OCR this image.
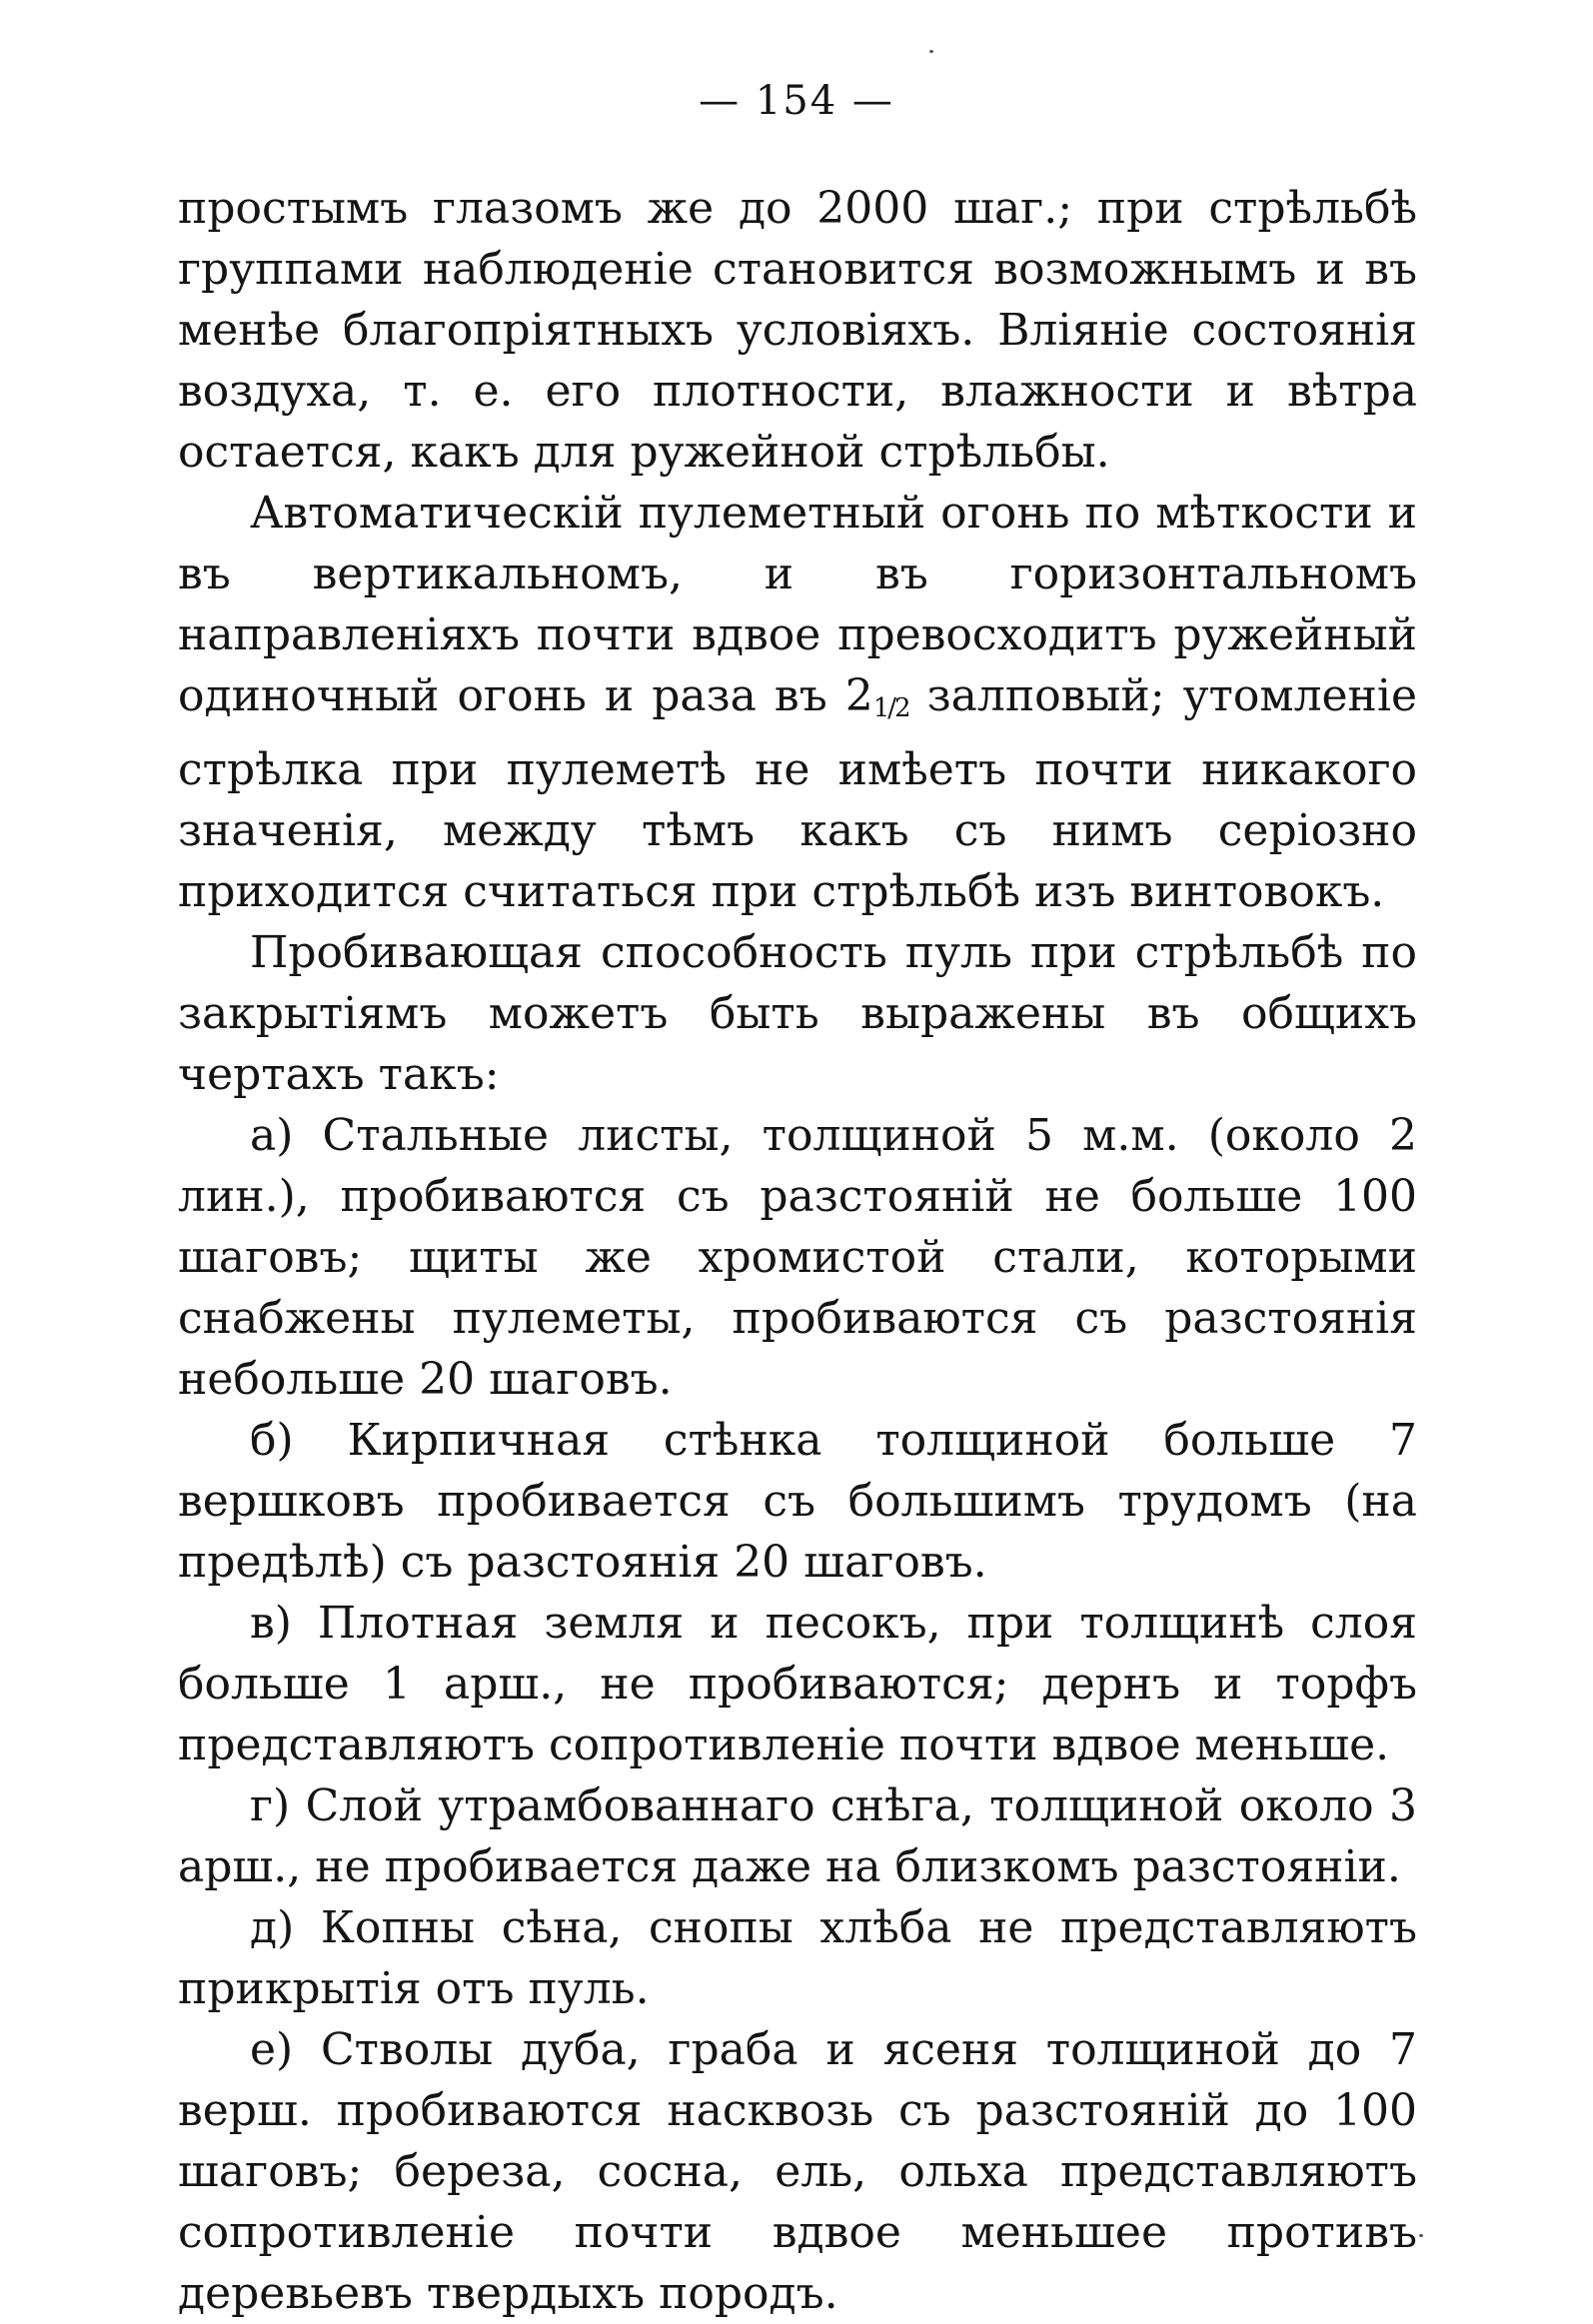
— 154 —

простымъ глазомъ же до 2000 шаг.; при стрѣльбѣ группами наблюденіе становится возможнымъ и въ менѣе благопріятныхъ условіяхъ. Вліяніе состоянія воздуха, т. е. его плотности, влажности и вѣтра остается, какъ для ружейной стрѣльбы.

Автоматическій пулеметный огонь по мѣткости и въ вертикальномъ, и въ горизонтальномъ направленіяхъ почти вдвое превосходитъ ружейный одиночный огонь и раза въ 21/2 залповый; утомленіе стрѣлка при пулеметѣ не имѣетъ почти никакого значенія, между тѣмъ какъ съ нимъ серіозно приходится считаться при стрѣльбѣ изъ винтовокъ.

Пробивающая способность пуль при стрѣльбѣ по закрытіямъ можетъ быть выражены въ общихъ чертахъ такъ:

а) Стальные листы, толщиной 5 м.м. (около 2 лин.), пробиваются съ разстояній не больше 100 шаговъ; щиты же хромистой стали, которыми снабжены пулеметы, пробиваются съ разстоянія небольше 20 шаговъ.

б) Кирпичная стѣнка толщиной больше 7 вершковъ пробивается съ большимъ трудомъ (на предѣлѣ) съ разстоянія 20 шаговъ.

в) Плотная земля и песокъ, при толщинѣ слоя больше 1 арш., не пробиваются; дернъ и торфъ представляютъ сопротивленіе почти вдвое меньше.

г) Слой утрамбованнаго снѣга, толщиной около 3 арш., не пробивается даже на близкомъ разстояніи.

д) Копны сѣна, снопы хлѣба не представляютъ прикрытія отъ пуль.

е) Стволы дуба, граба и ясеня толщиной до 7 верш. пробиваются насквозь съ разстояній до 100 шаговъ; береза, сосна, ель, ольха представляютъ сопротивленіе почти вдвое меньшее противъ деревьевъ твердыхъ породъ.
